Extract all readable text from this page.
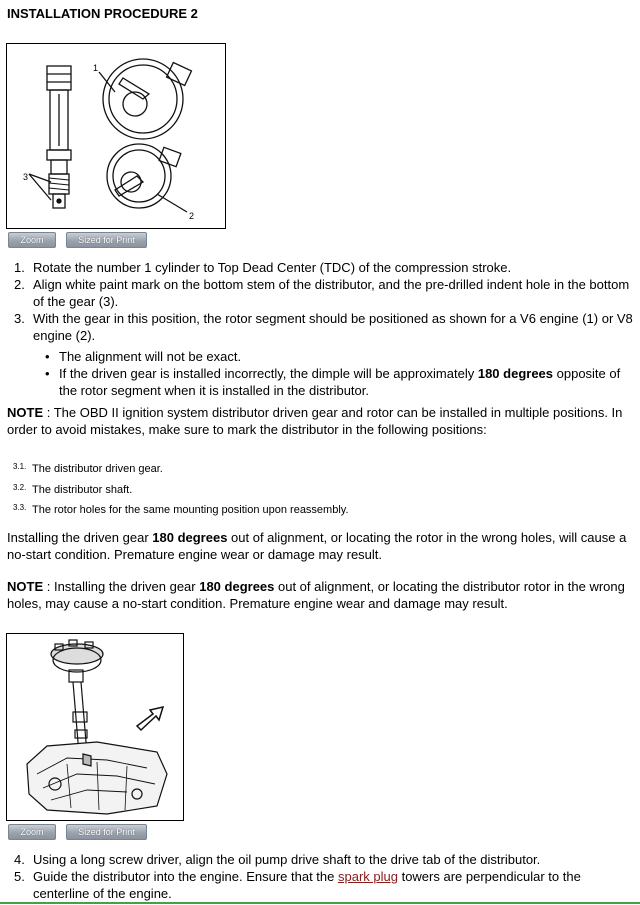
INSTALLATION PROCEDURE 2
1
2
3
Zoom	Sized for Print
1. Rotate the number 1 cylinder to Top Dead Center (TDC) of the compression stroke.
2. Align white paint mark on the bottom stem of the distributor, and the pre-drilled indent hole in the bottom of the gear (3).
3. With the gear in this position, the rotor segment should be positioned as shown for a V6 engine (1) or V8 engine (2).
• The alignment will not be exact.
• If the driven gear is installed incorrectly, the dimple will be approximately 180 degrees opposite of the rotor segment when it is installed in the distributor.
NOTE : The OBD II ignition system distributor driven gear and rotor can be installed in multiple positions. In order to avoid mistakes, make sure to mark the distributor in the following positions:
3.1. The distributor driven gear.
3.2. The distributor shaft.
3.3. The rotor holes for the same mounting position upon reassembly.
Installing the driven gear 180 degrees out of alignment, or locating the rotor in the wrong holes, will cause a no-start condition. Premature engine wear or damage may result.
NOTE : Installing the driven gear 180 degrees out of alignment, or locating the distributor rotor in the wrong holes, may cause a no-start condition. Premature engine wear and damage may result.
Zoom	Sized for Print
4. Using a long screw driver, align the oil pump drive shaft to the drive tab of the distributor.
5. Guide the distributor into the engine. Ensure that the spark plug towers are perpendicular to the centerline of the engine.
